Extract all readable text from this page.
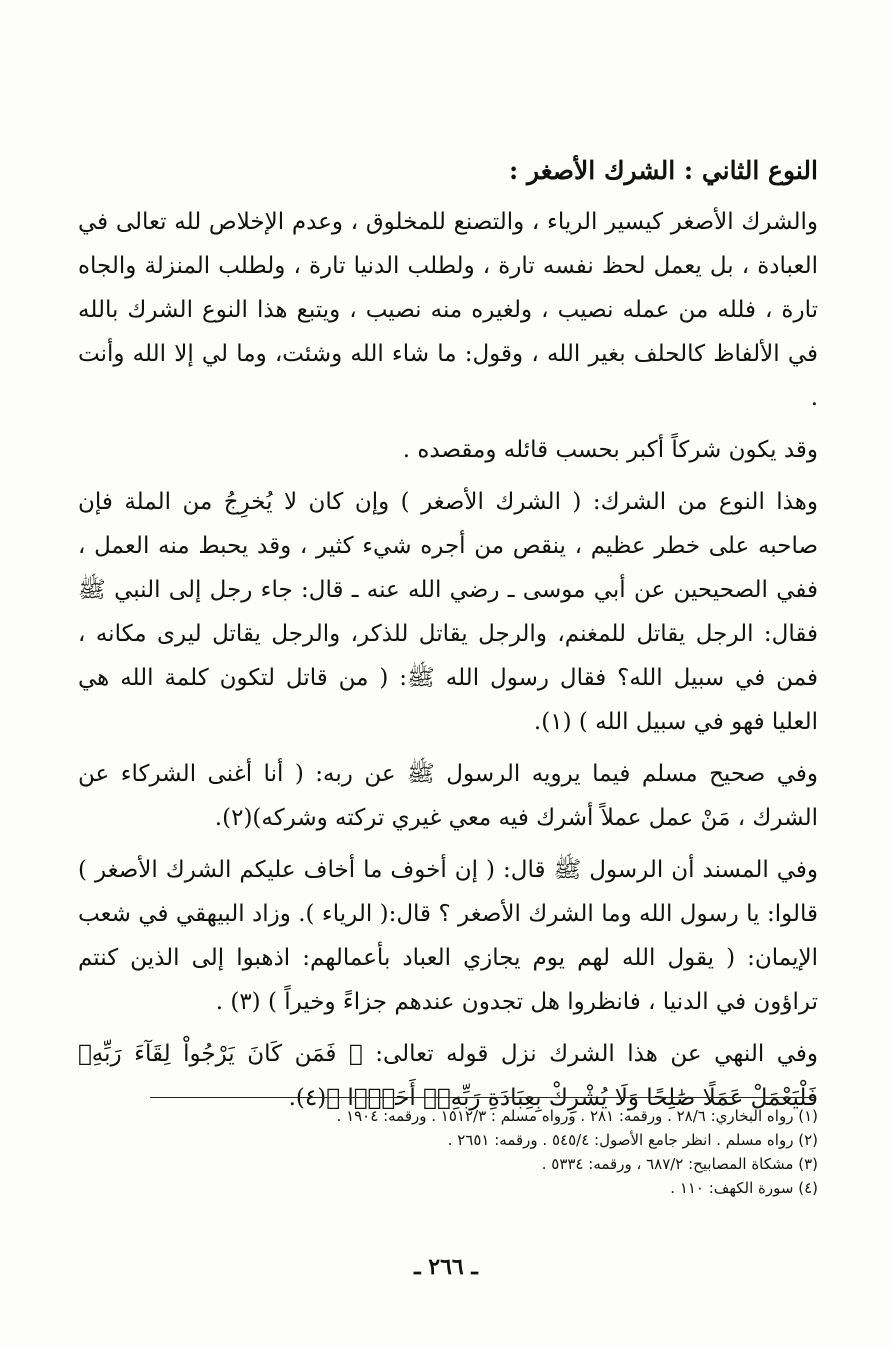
النوع الثاني : الشرك الأصغر :

والشرك الأصغر كيسير الرياء ، والتصنع للمخلوق ، وعدم الإخلاص لله تعالى في العبادة ، بل يعمل لحظ نفسه تارة ، ولطلب الدنيا تارة ، ولطلب المنزلة والجاه تارة ، فلله من عمله نصيب ، ولغيره منه نصيب ، ويتبع هذا النوع الشرك بالله في الألفاظ كالحلف بغير الله ، وقول: ما شاء الله وشئت، وما لي إلا الله وأنت .

وقد يكون شركاً أكبر بحسب قائله ومقصده .

وهذا النوع من الشرك: ( الشرك الأصغر ) وإن كان لا يُخرِجُ من الملة فإن صاحبه على خطر عظيم ، ينقص من أجره شيء كثير ، وقد يحبط منه العمل ، ففي الصحيحين عن أبي موسى ـ رضي الله عنه ـ قال: جاء رجل إلى النبي ﷺ فقال: الرجل يقاتل للمغنم، والرجل يقاتل للذكر، والرجل يقاتل ليرى مكانه ، فمن في سبيل الله؟ فقال رسول الله ﷺ: ( من قاتل لتكون كلمة الله هي العليا فهو في سبيل الله ) (١).

وفي صحيح مسلم فيما يرويه الرسول ﷺ عن ربه: ( أنا أغنى الشركاء عن الشرك ، مَنْ عمل عملاً أشرك فيه معي غيري تركته وشركه)(٢).

وفي المسند أن الرسول ﷺ قال: ( إن أخوف ما أخاف عليكم الشرك الأصغر ) قالوا: يا رسول الله وما الشرك الأصغر ؟ قال:( الرياء ). وزاد البيهقي في شعب الإيمان: ( يقول الله لهم يوم يجازي العباد بأعمالهم: اذهبوا إلى الذين كنتم تراؤون في الدنيا ، فانظروا هل تجدون عندهم جزاءً وخيراً ) (٣) .

وفي النهي عن هذا الشرك نزل قوله تعالى: ﴿ فَمَن كَانَ يَرْجُواْ لِقَآءَ رَبِّهِۦ فَلْيَعْمَلْ عَمَلًا صَٰلِحًا وَلَا يُشْرِكْ بِعِبَادَةِ رَبِّهِۦٓ أَحَدًۢا ﴾(٤).

(١) رواه البخاري: ٢٨/٦ . ورقمه: ٢٨١ . ورواه مسلم : ١٥١٢/٣ . ورقمه: ١٩٠٤ .
(٢) رواه مسلم . انظر جامع الأصول: ٥٤٥/٤ . ورقمه: ٢٦٥١ .
(٣) مشكاة المصابيح: ٦٨٧/٢ ، ورقمه: ٥٣٣٤ .
(٤) سورة الكهف: ١١٠ .
ـ ٢٦٦ ـ
